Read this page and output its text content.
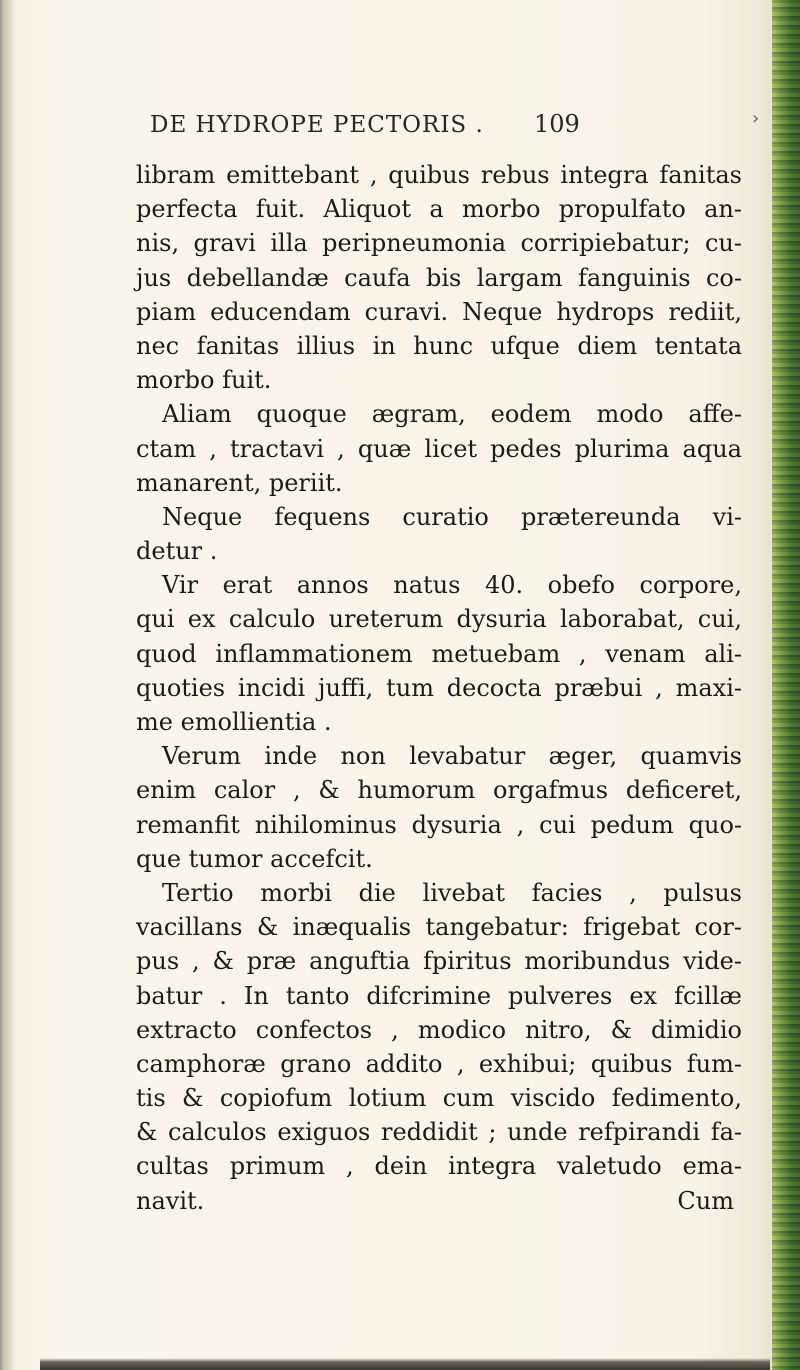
DE HYDROPE PECTORIS . 109	›
libram emittebant , quibus rebus integra fanitas
perfecta fuit. Aliquot a morbo propulfato an-
nis, gravi illa peripneumonia corripiebatur; cu-
jus debellandæ caufa bis largam fanguinis co-
piam educendam curavi. Neque hydrops rediit,
nec fanitas illius in hunc ufque diem tentata
morbo fuit.
Aliam quoque ægram, eodem modo affe-
ctam , tractavi , quæ licet pedes plurima aqua
manarent, periit.
Neque fequens curatio prætereunda vi-
detur .
Vir erat annos natus 40. obefo corpore,
qui ex calculo ureterum dysuria laborabat, cui,
quod inflammationem metuebam , venam ali-
quoties incidi juffi, tum decocta præbui , maxi-
me emollientia .
Verum inde non levabatur æger, quamvis
enim calor , & humorum orgafmus deficeret,
remanfit nihilominus dysuria , cui pedum quo-
que tumor accefcit.
Tertio morbi die livebat facies , pulsus
vacillans & inæqualis tangebatur: frigebat cor-
pus , & præ anguftia fpiritus moribundus vide-
batur . In tanto difcrimine pulveres ex fcillæ
extracto confectos , modico nitro, & dimidio
camphoræ grano addito , exhibui; quibus fum-
tis & copiofum lotium cum viscido fedimento,
& calculos exiguos reddidit ; unde refpirandi fa-
cultas primum , dein integra valetudo ema-
navit.	Cum
